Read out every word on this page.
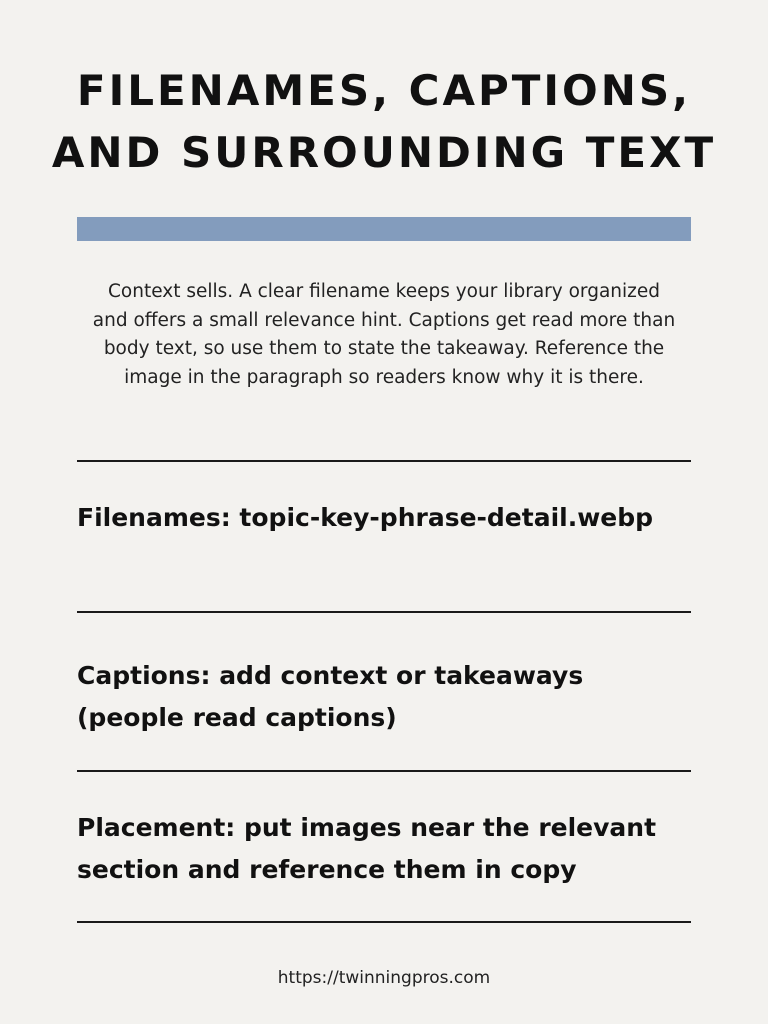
FILENAMES, CAPTIONS,
AND SURROUNDING TEXT

Context sells. A clear filename keeps your library organized and offers a small relevance hint. Captions get read more than body text, so use them to state the takeaway. Reference the image in the paragraph so readers know why it is there.

Filenames: topic-key-phrase-detail.webp

Captions: add context or takeaways (people read captions)

Placement: put images near the relevant section and reference them in copy

https://twinningpros.com
